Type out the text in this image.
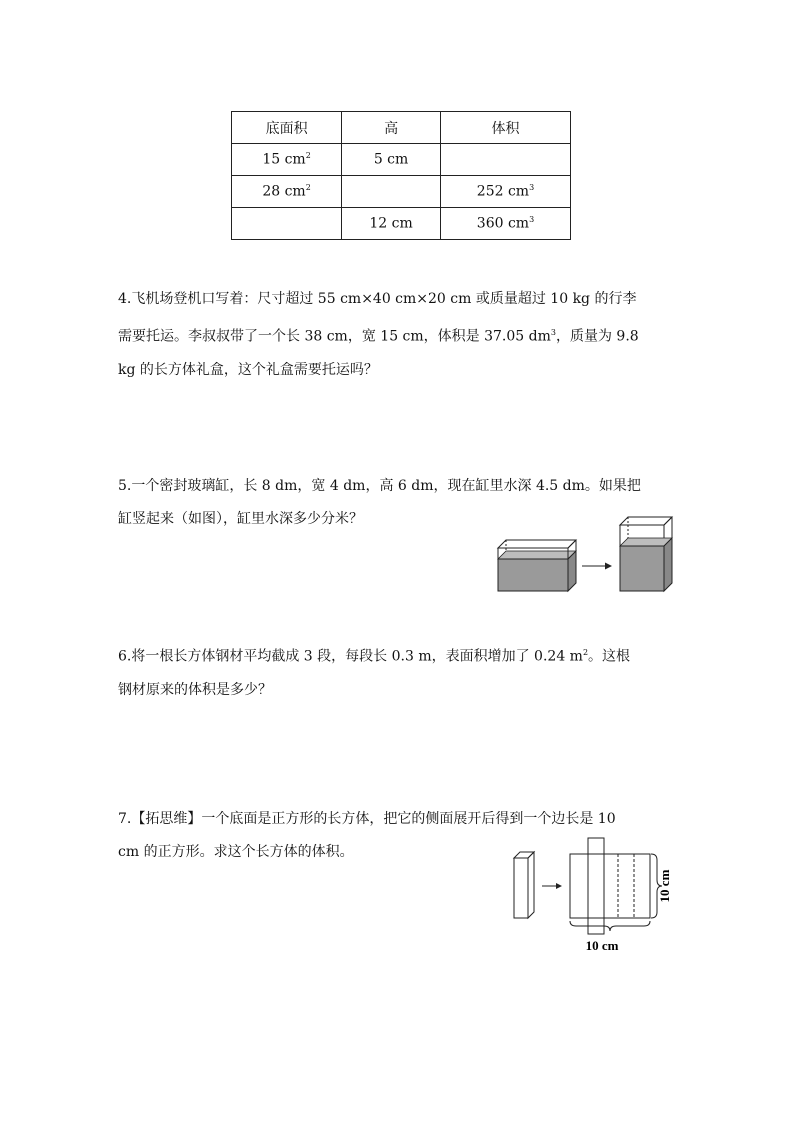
底面积	高	体积
15 $cm^2$	5 cm	
28 $cm^2$		252 $cm^3$
	12 cm	360 $cm^3$
4.飞机场登机口写着：尺寸超过 55 cm×40 cm×20 cm 或质量超过 10 kg 的行李
需要托运。李叔叔带了一个长 38 cm，宽 15 cm，体积是 37.05 $dm^3$，质量为 9.8
kg 的长方体礼盒，这个礼盒需要托运吗？
5.一个密封玻璃缸，长 8 dm，宽 4 dm，高 6 dm，现在缸里水深 4.5 dm。如果把
缸竖起来（如图），缸里水深多少分米？
6.将一根长方体钢材平均截成 3 段，每段长 0.3 m，表面积增加了 0.24 $m^2$。这根
钢材原来的体积是多少？
7.【拓思维】一个底面是正方形的长方体，把它的侧面展开后得到一个边长是 10
cm 的正方形。求这个长方体的体积。
10 cm
10 cm
